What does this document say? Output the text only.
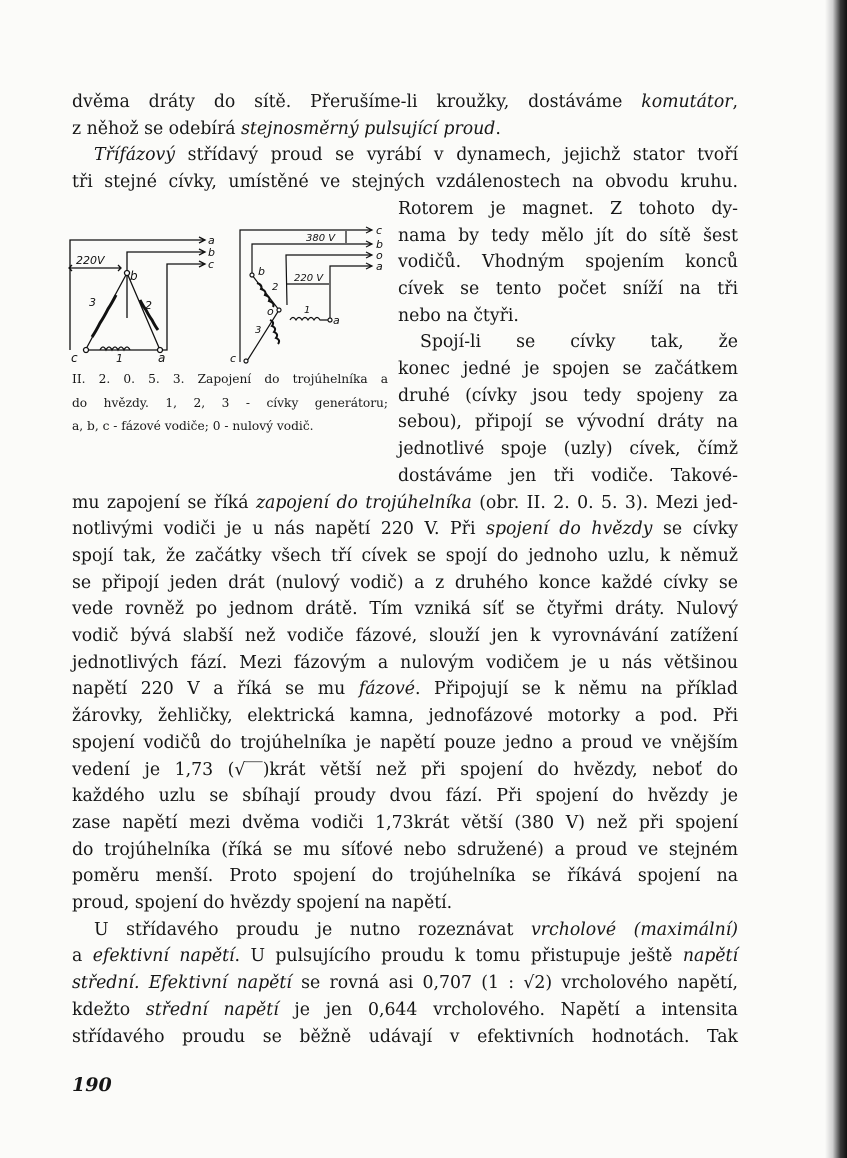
dvěma dráty do sítě. Přerušíme-li kroužky, dostáváme komutátor,
z něhož se odebírá stejnosměrný pulsující proud.
Třífázový střídavý proud se vyrábí v dynamech, jejichž stator tvoří
tři stejné cívky, umístěné ve stejných vzdálenostech na obvodu kruhu.
Rotorem je magnet. Z tohoto dy-
nama by tedy mělo jít do sítě šest
vodičů. Vhodným spojením konců
cívek se tento počet sníží na tři
nebo na čtyři.
Spojí-li se cívky tak, že
konec jedné je spojen se začátkem
druhé (cívky jsou tedy spojeny za
sebou), připojí se vývodní dráty na
jednotlivé spoje (uzly) cívek, čímž
dostáváme jen tři vodiče. Takové-
mu zapojení se říká zapojení do trojúhelníka (obr. II. 2. 0. 5. 3). Mezi jed-
notlivými vodiči je u nás napětí 220 V. Při spojení do hvězdy se cívky
spojí tak, že začátky všech tří cívek se spojí do jednoho uzlu, k němuž
se připojí jeden drát (nulový vodič) a z druhého konce každé cívky se
vede rovněž po jednom drátě. Tím vzniká síť se čtyřmi dráty. Nulový
vodič bývá slabší než vodiče fázové, slouží jen k vyrovnávání zatížení
jednotlivých fází. Mezi fázovým a nulovým vodičem je u nás většinou
napětí 220 V a říká se mu fázové. Připojují se k němu na příklad
žárovky, žehličky, elektrická kamna, jednofázové motorky a pod. Při
spojení vodičů do trojúhelníka je napětí pouze jedno a proud ve vnějším
vedení je 1,73 (√‾‾)krát větší než při spojení do hvězdy, neboť do
každého uzlu se sbíhají proudy dvou fází. Při spojení do hvězdy je
zase napětí mezi dvěma vodiči 1,73krát větší (380 V) než při spojení
do trojúhelníka (říká se mu síťové nebo sdružené) a proud ve stejném
poměru menší. Proto spojení do trojúhelníka se říkává spojení na
proud, spojení do hvězdy spojení na napětí.
U střídavého proudu je nutno rozeznávat vrcholové (maximální)
a efektivní napětí. U pulsujícího proudu k tomu přistupuje ještě napětí
střední. Efektivní napětí se rovná asi 0,707 (1 : √2) vrcholového napětí,
kdežto střední napětí je jen 0,644 vrcholového. Napětí a intensita
střídavého proudu se běžně udávají v efektivních hodnotách. Tak
220V
a
b
c
b
c	a
1
2
3
380 V
220 V
c
b
o
a
b
o
a
c
1
2
3
II. 2. 0. 5. 3. Zapojení do trojúhelníka a
do hvězdy. 1, 2, 3 - cívky generátoru;
a, b, c - fázové vodiče; 0 - nulový vodič.
190
